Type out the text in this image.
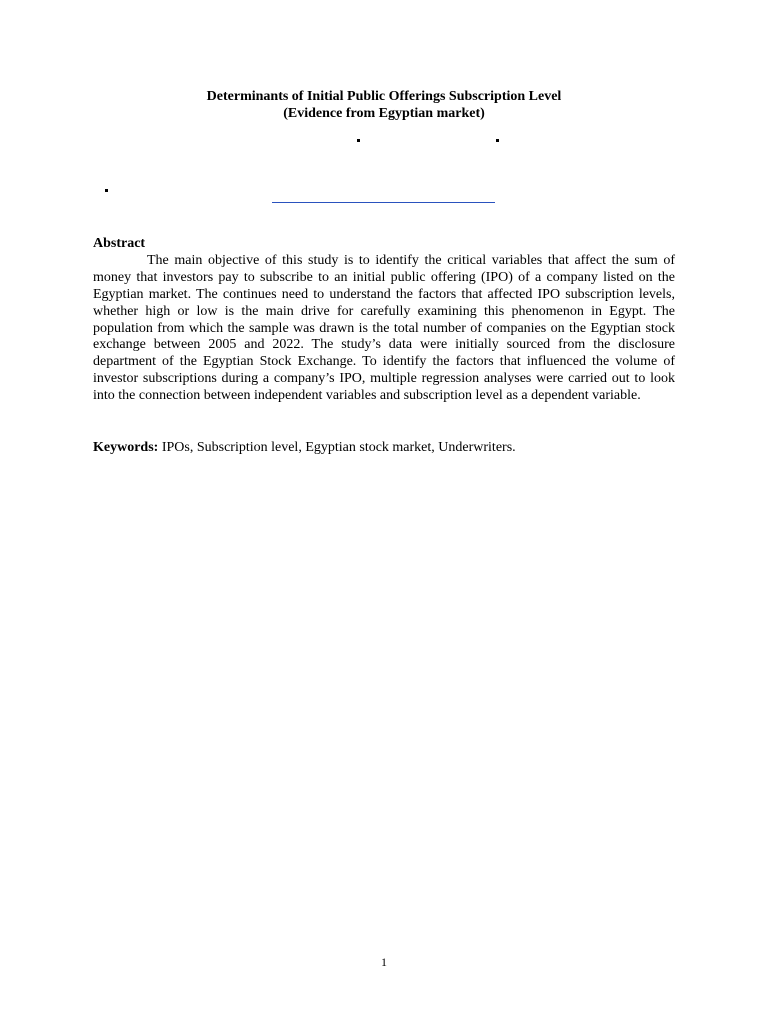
Determinants of Initial Public Offerings Subscription Level
(Evidence from Egyptian market)
Abstract

The main objective of this study is to identify the critical variables that affect the sum of money that investors pay to subscribe to an initial public offering (IPO) of a company listed on the Egyptian market. The continues need to understand the factors that affected IPO subscription levels, whether high or low is the main drive for carefully examining this phenomenon in Egypt. The population from which the sample was drawn is the total number of companies on the Egyptian stock exchange between 2005 and 2022. The study’s data were initially sourced from the disclosure department of the Egyptian Stock Exchange. To identify the factors that influenced the volume of investor subscriptions during a company’s IPO, multiple regression analyses were carried out to look into the connection between independent variables and subscription level as a dependent variable.

Keywords: IPOs, Subscription level, Egyptian stock market, Underwriters.
1
